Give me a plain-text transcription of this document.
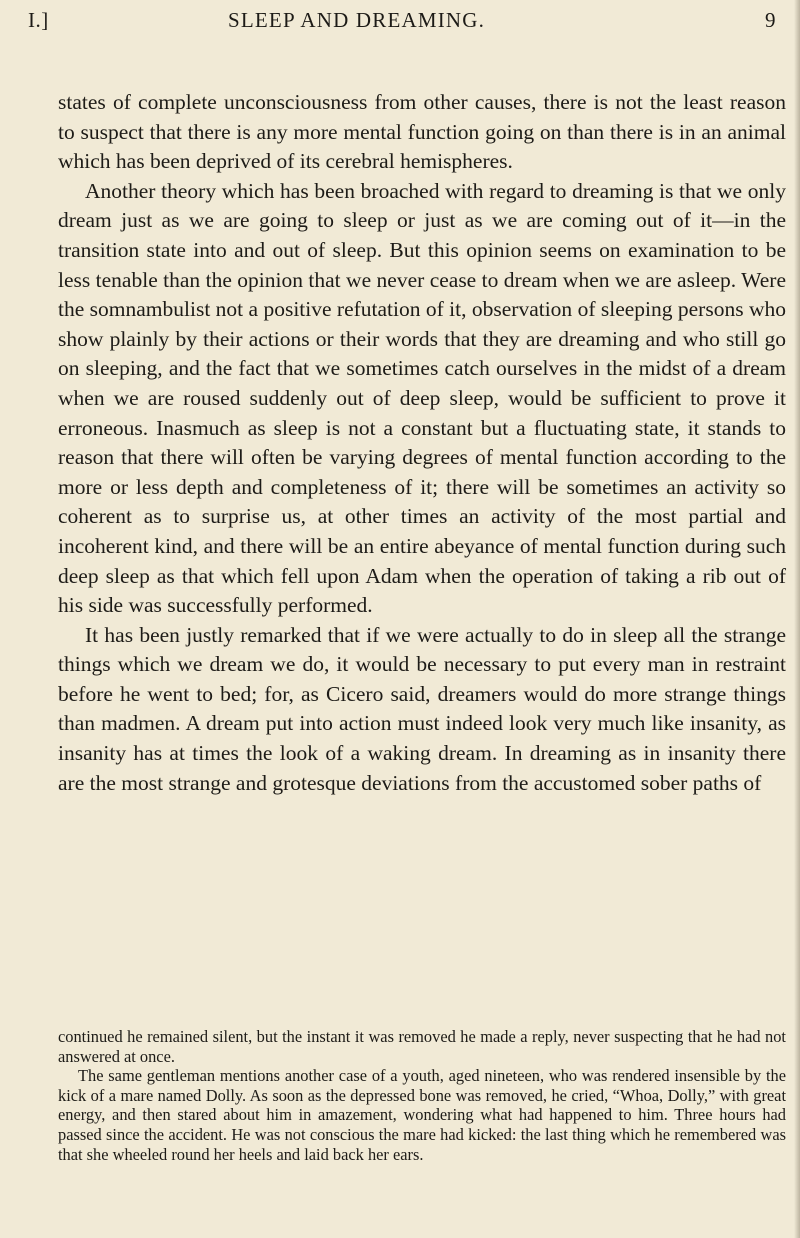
I.]	SLEEP AND DREAMING.	9

states of complete unconsciousness from other causes, there is not the least reason to suspect that there is any more mental function going on than there is in an animal which has been deprived of its cerebral hemispheres.

Another theory which has been broached with regard to dreaming is that we only dream just as we are going to sleep or just as we are coming out of it—in the transition state into and out of sleep. But this opinion seems on examination to be less tenable than the opinion that we never cease to dream when we are asleep. Were the somnambulist not a positive refutation of it, observation of sleeping persons who show plainly by their actions or their words that they are dreaming and who still go on sleeping, and the fact that we sometimes catch ourselves in the midst of a dream when we are roused suddenly out of deep sleep, would be sufficient to prove it erroneous. Inasmuch as sleep is not a constant but a fluctuating state, it stands to reason that there will often be varying degrees of mental function according to the more or less depth and completeness of it; there will be sometimes an activity so coherent as to surprise us, at other times an activity of the most partial and incoherent kind, and there will be an entire abeyance of mental function during such deep sleep as that which fell upon Adam when the operation of taking a rib out of his side was successfully performed.

It has been justly remarked that if we were actually to do in sleep all the strange things which we dream we do, it would be necessary to put every man in restraint before he went to bed; for, as Cicero said, dreamers would do more strange things than madmen. A dream put into action must indeed look very much like insanity, as insanity has at times the look of a waking dream. In dreaming as in insanity there are the most strange and grotesque deviations from the accustomed sober paths of

continued he remained silent, but the instant it was removed he made a reply, never suspecting that he had not answered at once.

The same gentleman mentions another case of a youth, aged nineteen, who was rendered insensible by the kick of a mare named Dolly. As soon as the depressed bone was removed, he cried, “Whoa, Dolly,” with great energy, and then stared about him in amazement, wondering what had happened to him. Three hours had passed since the accident. He was not conscious the mare had kicked: the last thing which he remembered was that she wheeled round her heels and laid back her ears.
